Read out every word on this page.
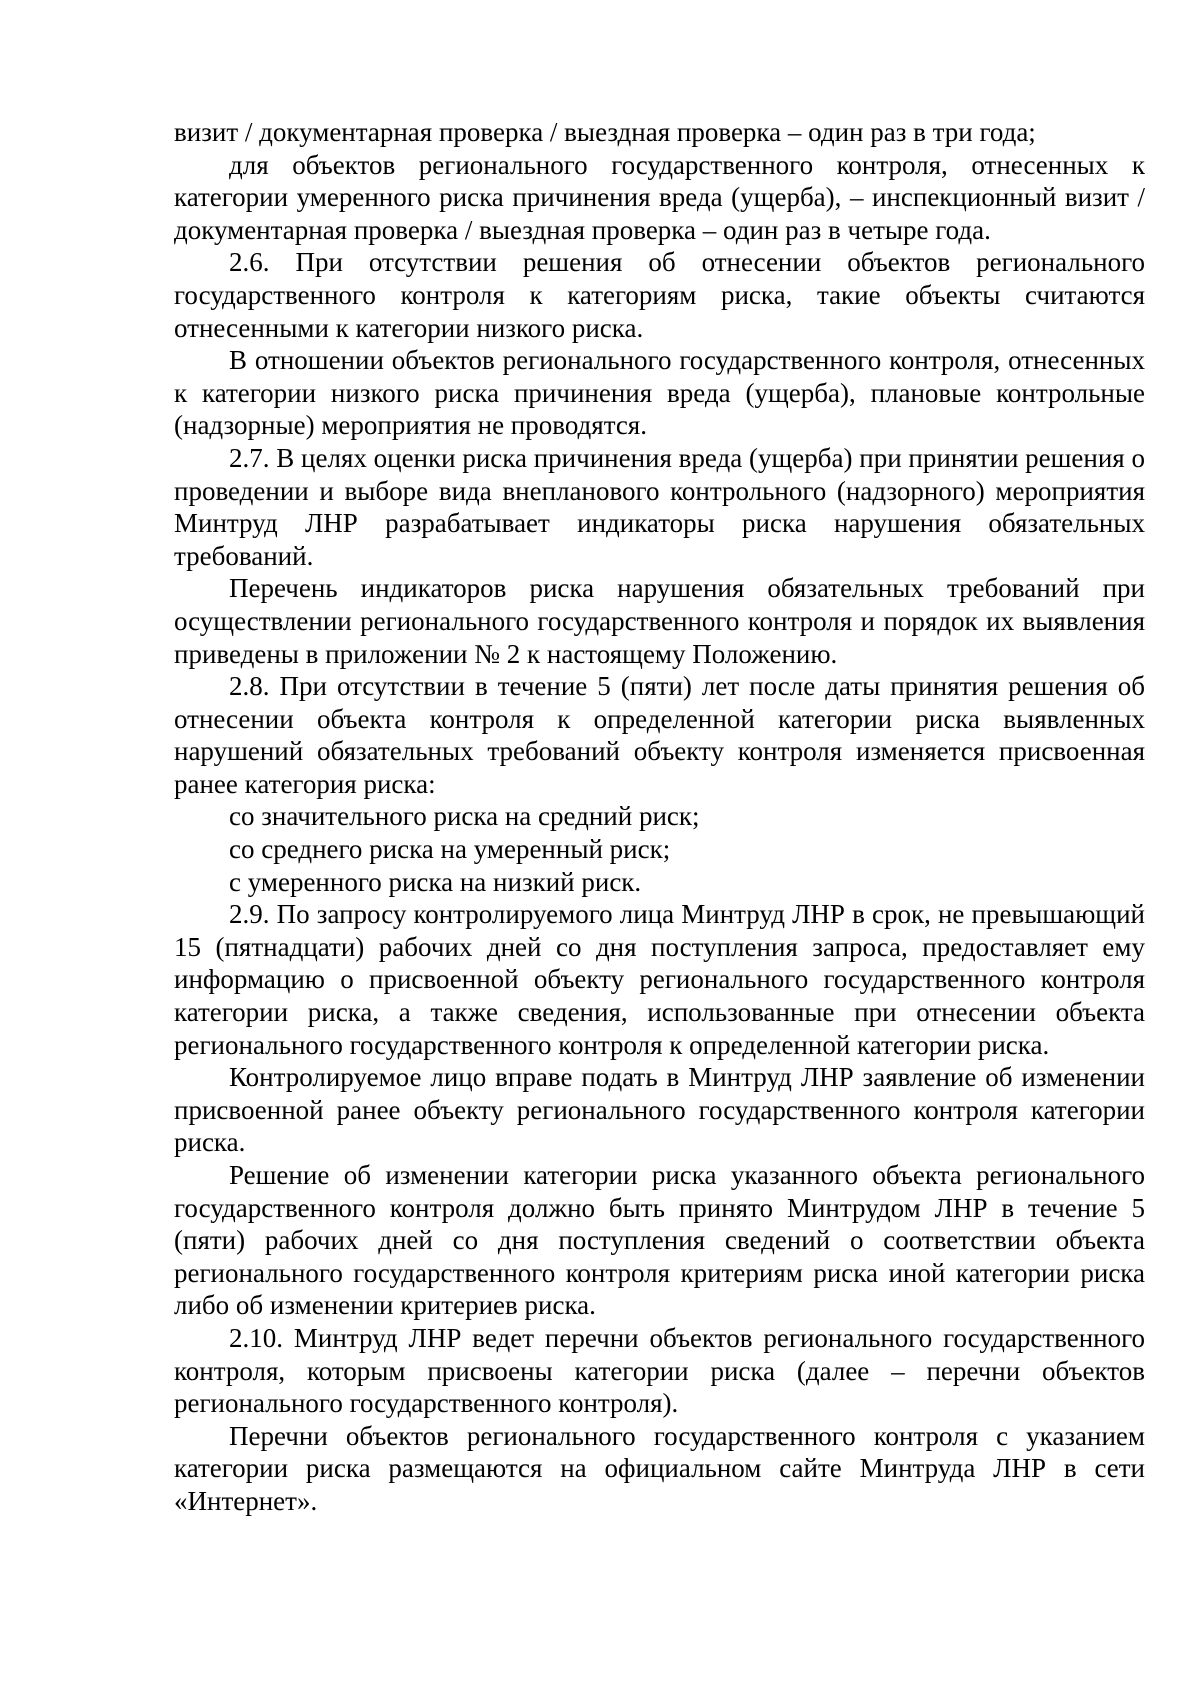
визит / документарная проверка / выездная проверка – один раз в три года;

для объектов регионального государственного контроля, отнесенных к категории умеренного риска причинения вреда (ущерба), – инспекционный визит / документарная проверка / выездная проверка – один раз в четыре года.

2.6. При отсутствии решения об отнесении объектов регионального государственного контроля к категориям риска, такие объекты считаются отнесенными к категории низкого риска.

В отношении объектов регионального государственного контроля, отнесенных к категории низкого риска причинения вреда (ущерба), плановые контрольные (надзорные) мероприятия не проводятся.

2.7. В целях оценки риска причинения вреда (ущерба) при принятии решения о проведении и выборе вида внепланового контрольного (надзорного) мероприятия Минтруд ЛНР разрабатывает индикаторы риска нарушения обязательных требований.

Перечень индикаторов риска нарушения обязательных требований при осуществлении регионального государственного контроля и порядок их выявления приведены в приложении № 2 к настоящему Положению.

2.8. При отсутствии в течение 5 (пяти) лет после даты принятия решения об отнесении объекта контроля к определенной категории риска выявленных нарушений обязательных требований объекту контроля изменяется присвоенная ранее категория риска:

со значительного риска на средний риск;

со среднего риска на умеренный риск;

с умеренного риска на низкий риск.

2.9. По запросу контролируемого лица Минтруд ЛНР в срок, не превышающий 15 (пятнадцати) рабочих дней со дня поступления запроса, предоставляет ему информацию о присвоенной объекту регионального государственного контроля категории риска, а также сведения, использованные при отнесении объекта регионального государственного контроля к определенной категории риска.

Контролируемое лицо вправе подать в Минтруд ЛНР заявление об изменении присвоенной ранее объекту регионального государственного контроля категории риска.

Решение об изменении категории риска указанного объекта регионального государственного контроля должно быть принято Минтрудом ЛНР в течение 5 (пяти) рабочих дней со дня поступления сведений о соответствии объекта регионального государственного контроля критериям риска иной категории риска либо об изменении критериев риска.

2.10. Минтруд ЛНР ведет перечни объектов регионального государственного контроля, которым присвоены категории риска (далее – перечни объектов регионального государственного контроля).

Перечни объектов регионального государственного контроля с указанием категории риска размещаются на официальном сайте Минтруда ЛНР в сети «Интернет».
